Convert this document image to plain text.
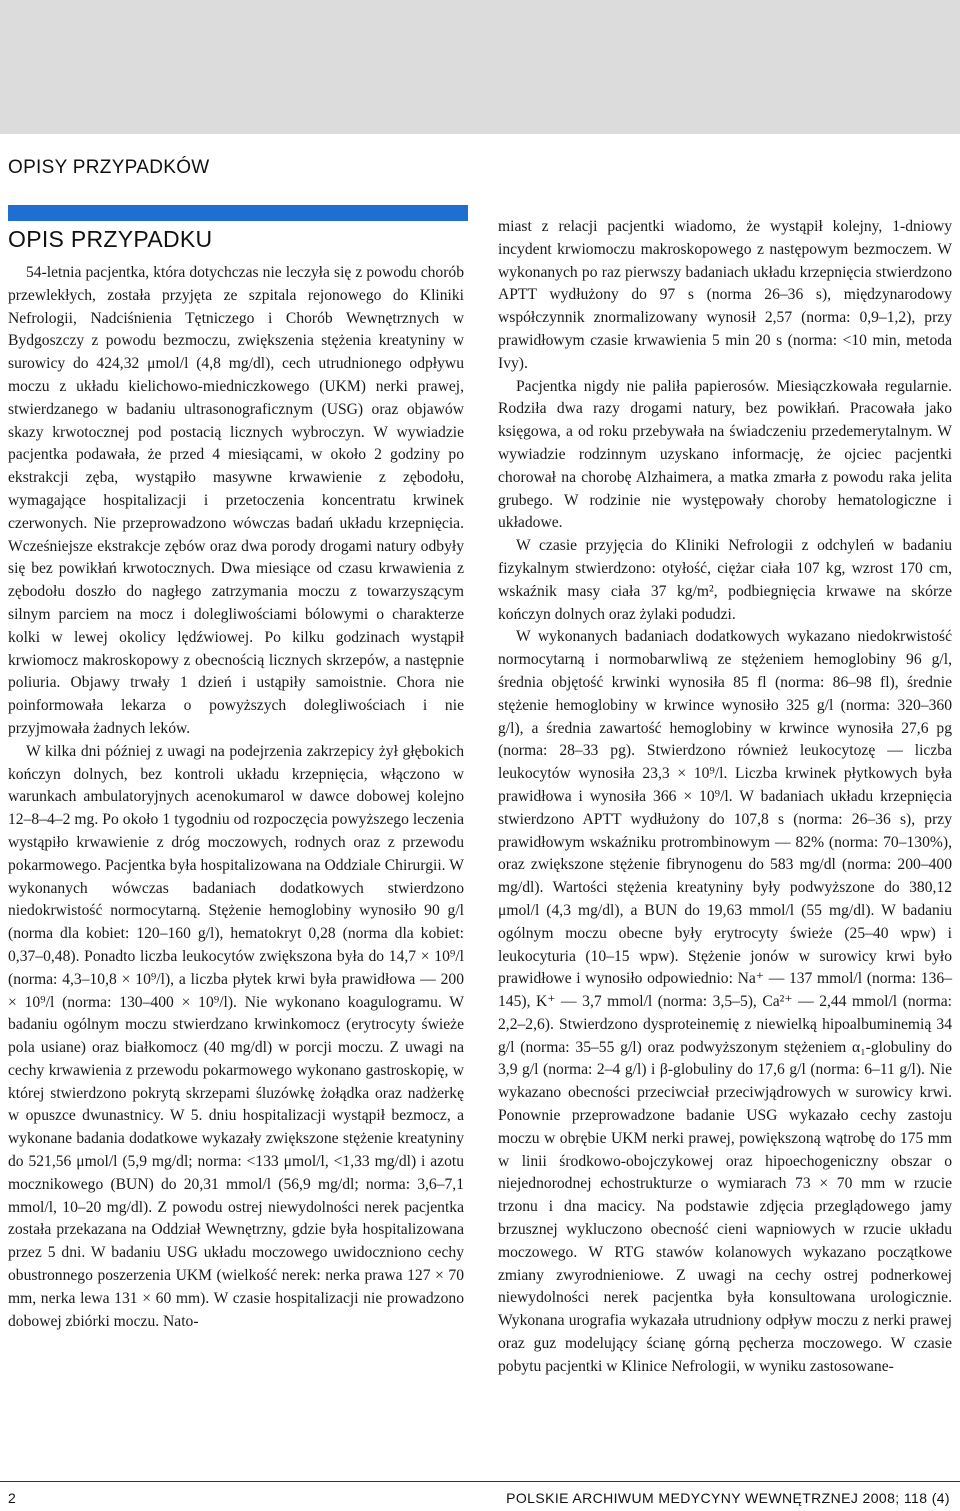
OPISY PRZYPADKÓW
OPIS PRZYPADKU

54-letnia pacjentka, która dotychczas nie leczyła się z powodu chorób przewlekłych, została przyjęta ze szpitala rejonowego do Kliniki Nefrologii, Nadciśnienia Tętniczego i Chorób Wewnętrznych w Bydgoszczy z powodu bezmoczu, zwiększenia stężenia kreatyniny w surowicy do 424,32 μmol/l (4,8 mg/dl), cech utrudnionego odpływu moczu z układu kielichowo-miedniczkowego (UKM) nerki prawej, stwierdzanego w badaniu ultrasonograficznym (USG) oraz objawów skazy krwotocznej pod postacią licznych wybroczyn. W wywiadzie pacjentka podawała, że przed 4 miesiącami, w około 2 godziny po ekstrakcji zęba, wystąpiło masywne krwawienie z zębodołu, wymagające hospitalizacji i przetoczenia koncentratu krwinek czerwonych. Nie przeprowadzono wówczas badań układu krzepnięcia. Wcześniejsze ekstrakcje zębów oraz dwa porody drogami natury odbyły się bez powikłań krwotocznych. Dwa miesiące od czasu krwawienia z zębodołu doszło do nagłego zatrzymania moczu z towarzyszącym silnym parciem na mocz i dolegliwościami bólowymi o charakterze kolki w lewej okolicy lędźwiowej. Po kilku godzinach wystąpił krwiomocz makroskopowy z obecnością licznych skrzepów, a następnie poliuria. Objawy trwały 1 dzień i ustąpiły samoistnie. Chora nie poinformowała lekarza o powyższych dolegliwościach i nie przyjmowała żadnych leków.

W kilka dni później z uwagi na podejrzenia zakrzepicy żył głębokich kończyn dolnych, bez kontroli układu krzepnięcia, włączono w warunkach ambulatoryjnych acenokumarol w dawce dobowej kolejno 12–8–4–2 mg. Po około 1 tygodniu od rozpoczęcia powyższego leczenia wystąpiło krwawienie z dróg moczowych, rodnych oraz z przewodu pokarmowego. Pacjentka była hospitalizowana na Oddziale Chirurgii. W wykonanych wówczas badaniach dodatkowych stwierdzono niedokrwistość normocytarną. Stężenie hemoglobiny wynosiło 90 g/l (norma dla kobiet: 120–160 g/l), hematokryt 0,28 (norma dla kobiet: 0,37–0,48). Ponadto liczba leukocytów zwiększona była do 14,7 × 10⁹/l (norma: 4,3–10,8 × 10⁹/l), a liczba płytek krwi była prawidłowa — 200 × 10⁹/l (norma: 130–400 × 10⁹/l). Nie wykonano koagulogramu. W badaniu ogólnym moczu stwierdzano krwinkomocz (erytrocyty świeże pola usiane) oraz białkomocz (40 mg/dl) w porcji moczu. Z uwagi na cechy krwawienia z przewodu pokarmowego wykonano gastroskopię, w której stwierdzono pokrytą skrzepami śluzówkę żołądka oraz nadżerkę w opuszce dwunastnicy. W 5. dniu hospitalizacji wystąpił bezmocz, a wykonane badania dodatkowe wykazały zwiększone stężenie kreatyniny do 521,56 μmol/l (5,9 mg/dl; norma: <133 μmol/l, <1,33 mg/dl) i azotu mocznikowego (BUN) do 20,31 mmol/l (56,9 mg/dl; norma: 3,6–7,1 mmol/l, 10–20 mg/dl). Z powodu ostrej niewydolności nerek pacjentka została przekazana na Oddział Wewnętrzny, gdzie była hospitalizowana przez 5 dni. W badaniu USG układu moczowego uwidoczniono cechy obustronnego poszerzenia UKM (wielkość nerek: nerka prawa 127 × 70 mm, nerka lewa 131 × 60 mm). W czasie hospitalizacji nie prowadzono dobowej zbiórki moczu. Nato-

miast z relacji pacjentki wiadomo, że wystąpił kolejny, 1-dniowy incydent krwiomoczu makroskopowego z następowym bezmoczem. W wykonanych po raz pierwszy badaniach układu krzepnięcia stwierdzono APTT wydłużony do 97 s (norma 26–36 s), międzynarodowy współczynnik znormalizowany wynosił 2,57 (norma: 0,9–1,2), przy prawidłowym czasie krwawienia 5 min 20 s (norma: <10 min, metoda Ivy).

Pacjentka nigdy nie paliła papierosów. Miesiączkowała regularnie. Rodziła dwa razy drogami natury, bez powikłań. Pracowała jako księgowa, a od roku przebywała na świadczeniu przedemerytalnym. W wywiadzie rodzinnym uzyskano informację, że ojciec pacjentki chorował na chorobę Alzhaimera, a matka zmarła z powodu raka jelita grubego. W rodzinie nie występowały choroby hematologiczne i układowe.

W czasie przyjęcia do Kliniki Nefrologii z odchyleń w badaniu fizykalnym stwierdzono: otyłość, ciężar ciała 107 kg, wzrost 170 cm, wskaźnik masy ciała 37 kg/m², podbiegnięcia krwawe na skórze kończyn dolnych oraz żylaki podudzi.

W wykonanych badaniach dodatkowych wykazano niedokrwistość normocytarną i normobarwliwą ze stężeniem hemoglobiny 96 g/l, średnia objętość krwinki wynosiła 85 fl (norma: 86–98 fl), średnie stężenie hemoglobiny w krwince wynosiło 325 g/l (norma: 320–360 g/l), a średnia zawartość hemoglobiny w krwince wynosiła 27,6 pg (norma: 28–33 pg). Stwierdzono również leukocytozę — liczba leukocytów wynosiła 23,3 × 10⁹/l. Liczba krwinek płytkowych była prawidłowa i wynosiła 366 × 10⁹/l. W badaniach układu krzepnięcia stwierdzono APTT wydłużony do 107,8 s (norma: 26–36 s), przy prawidłowym wskaźniku protrombinowym — 82% (norma: 70–130%), oraz zwiększone stężenie fibrynogenu do 583 mg/dl (norma: 200–400 mg/dl). Wartości stężenia kreatyniny były podwyższone do 380,12 μmol/l (4,3 mg/dl), a BUN do 19,63 mmol/l (55 mg/dl). W badaniu ogólnym moczu obecne były erytrocyty świeże (25–40 wpw) i leukocyturia (10–15 wpw). Stężenie jonów w surowicy krwi było prawidłowe i wynosiło odpowiednio: Na⁺ — 137 mmol/l (norma: 136–145), K⁺ — 3,7 mmol/l (norma: 3,5–5), Ca²⁺ — 2,44 mmol/l (norma: 2,2–2,6). Stwierdzono dysproteinemię z niewielką hipoalbuminemią 34 g/l (norma: 35–55 g/l) oraz podwyższonym stężeniem α₁-globuliny do 3,9 g/l (norma: 2–4 g/l) i β-globuliny do 17,6 g/l (norma: 6–11 g/l). Nie wykazano obecności przeciwciał przeciwjądrowych w surowicy krwi. Ponownie przeprowadzone badanie USG wykazało cechy zastoju moczu w obrębie UKM nerki prawej, powiększoną wątrobę do 175 mm w linii środkowo-obojczykowej oraz hipoechogeniczny obszar o niejednorodnej echostrukturze o wymiarach 73 × 70 mm w rzucie trzonu i dna macicy. Na podstawie zdjęcia przeglądowego jamy brzusznej wykluczono obecność cieni wapniowych w rzucie układu moczowego. W RTG stawów kolanowych wykazano początkowe zmiany zwyrodnieniowe. Z uwagi na cechy ostrej podnerkowej niewydolności nerek pacjentka była konsultowana urologicznie. Wykonana urografia wykazała utrudniony odpływ moczu z nerki prawej oraz guz modelujący ścianę górną pęcherza moczowego. W czasie pobytu pacjentki w Klinice Nefrologii, w wyniku zastosowane-

2	POLSKIE ARCHIWUM MEDYCYNY WEWNĘTRZNEJ 2008; 118 (4)
